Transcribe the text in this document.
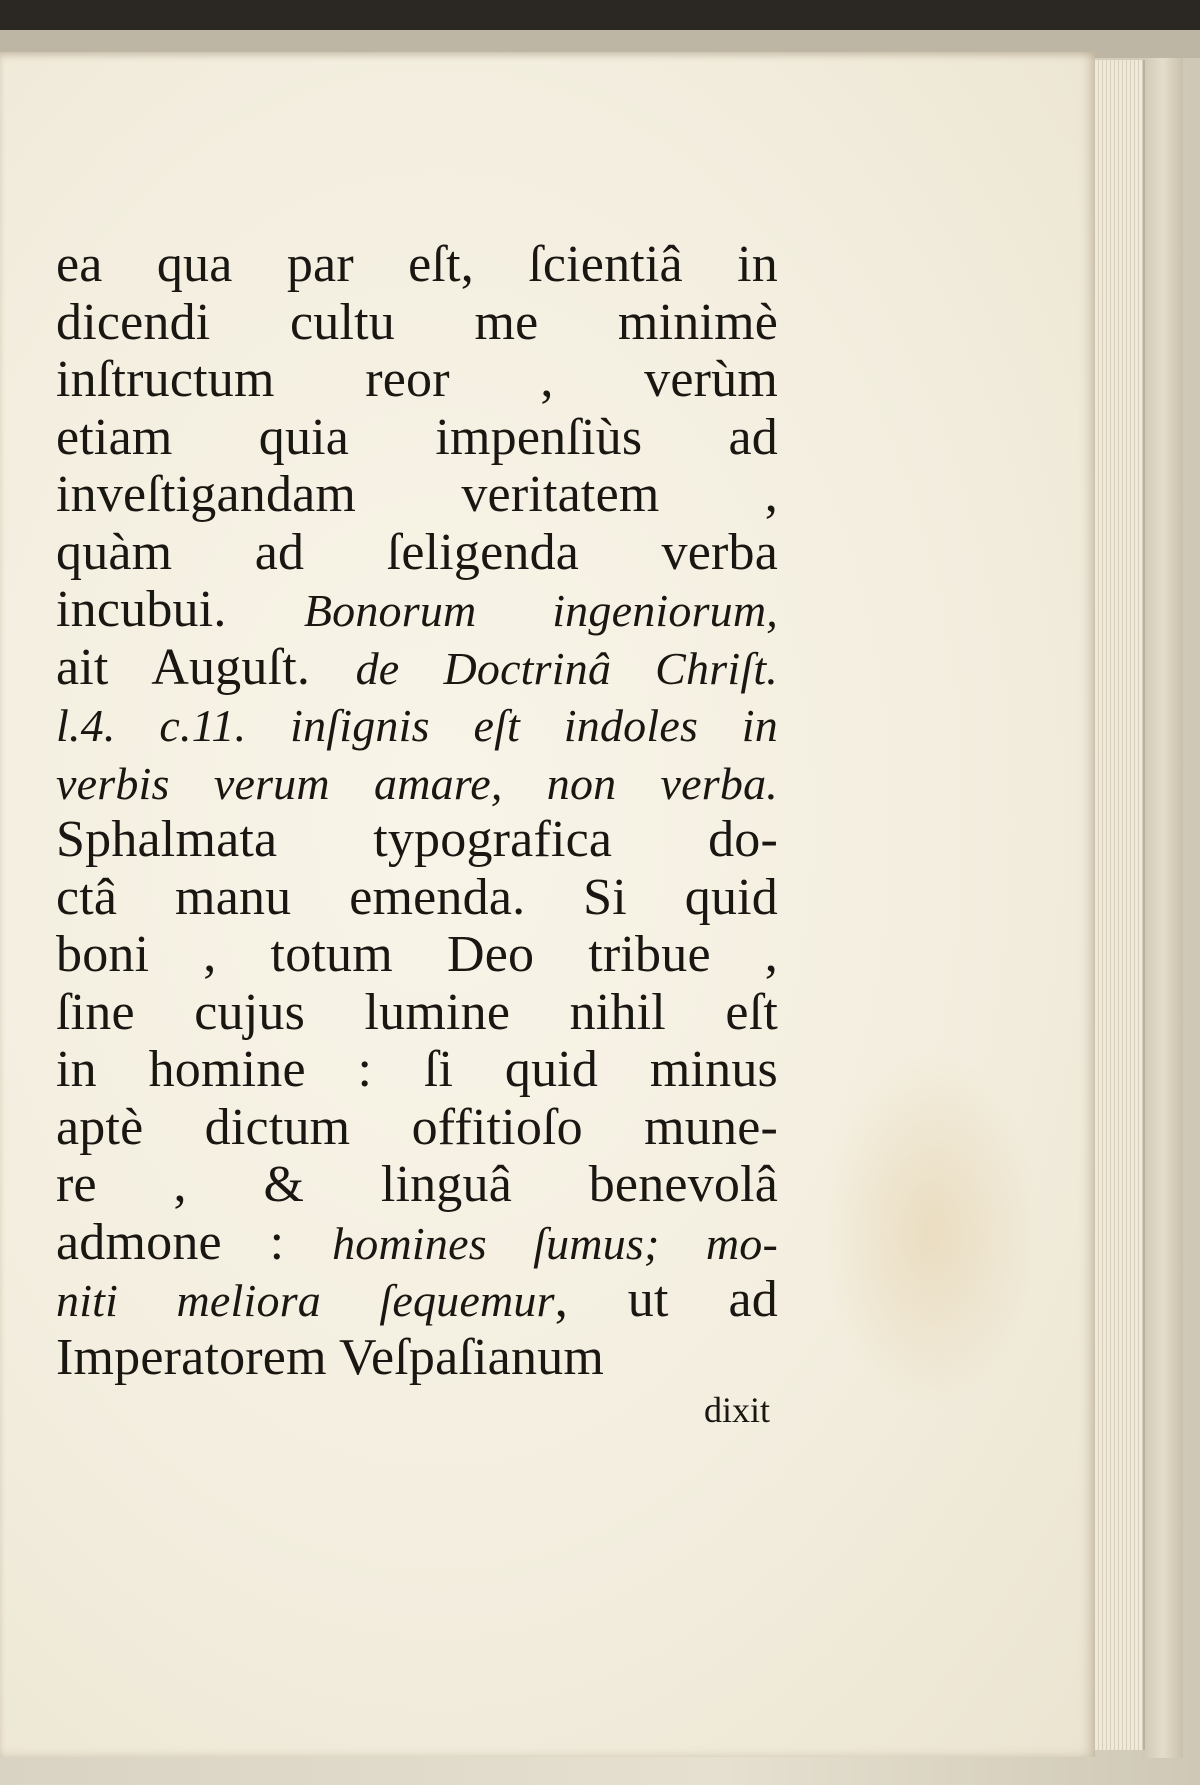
ea qua par eſt, ſcientiâ in
dicendi cultu me minimè
inſtructum reor , verùm
etiam quia impenſiùs ad
inveſtigandam veritatem ,
quàm ad ſeligenda verba
incubui. Bonorum ingeniorum,
ait Auguſt. de Doctrinâ Chriſt.
l.4. c.11. inſignis eſt indoles in
verbis verum amare, non verba.
Sphalmata typografica do-
ctâ manu emenda. Si quid
boni , totum Deo tribue ,
ſine cujus lumine nihil eſt
in homine : ſi quid minus
aptè dictum offitioſo mune-
re , & linguâ benevolâ
admone : homines ſumus; mo-
niti meliora ſequemur, ut ad
Imperatorem Veſpaſianum
dixit
